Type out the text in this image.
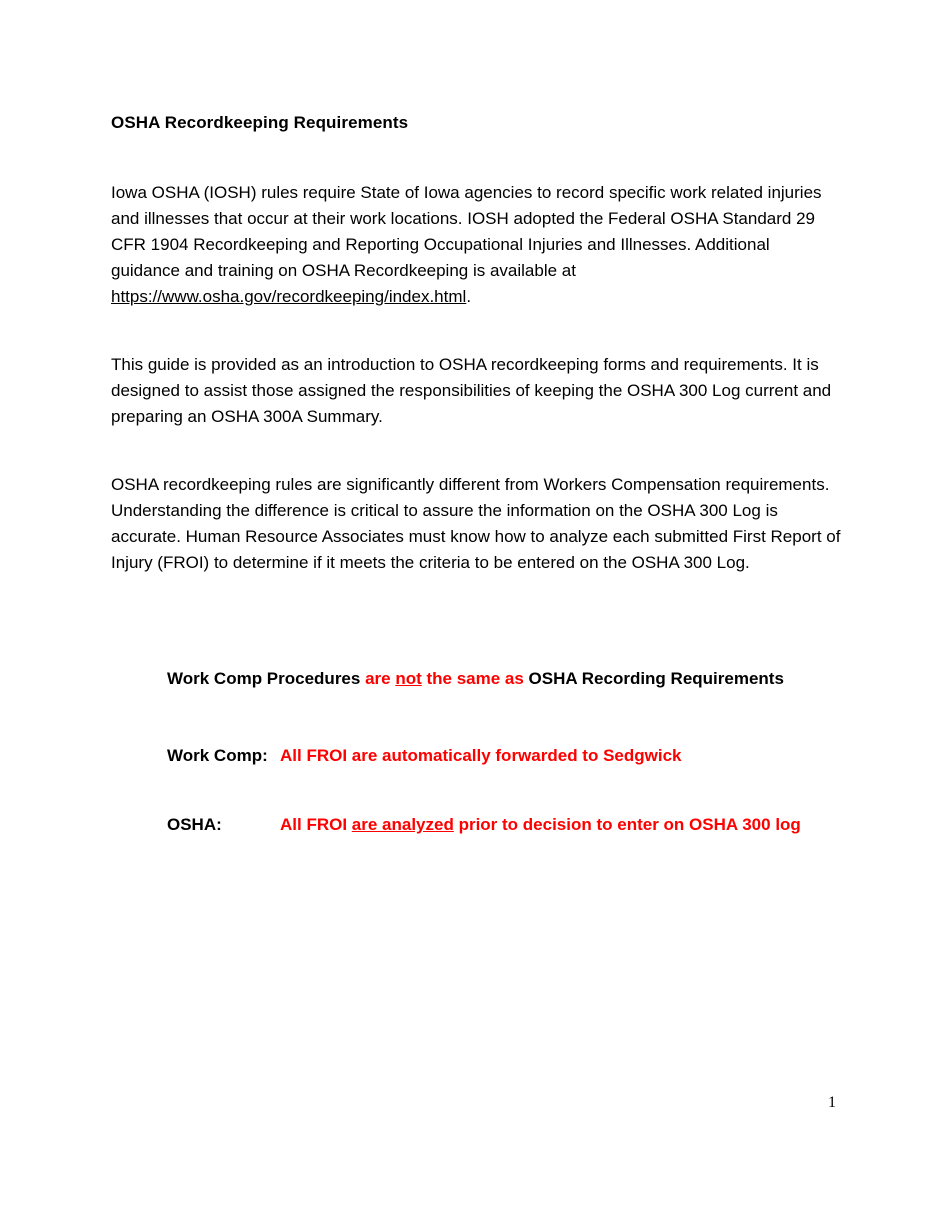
OSHA Recordkeeping Requirements

Iowa OSHA (IOSH) rules require State of Iowa agencies to record specific work related injuries and illnesses that occur at their work locations. IOSH adopted the Federal OSHA Standard 29 CFR 1904 Recordkeeping and Reporting Occupational Injuries and Illnesses. Additional guidance and training on OSHA Recordkeeping is available at https://www.osha.gov/recordkeeping/index.html.

This guide is provided as an introduction to OSHA recordkeeping forms and requirements. It is designed to assist those assigned the responsibilities of keeping the OSHA 300 Log current and preparing an OSHA 300A Summary.

OSHA recordkeeping rules are significantly different from Workers Compensation requirements. Understanding the difference is critical to assure the information on the OSHA 300 Log is accurate. Human Resource Associates must know how to analyze each submitted First Report of Injury (FROI) to determine if it meets the criteria to be entered on the OSHA 300 Log.

Work Comp Procedures are not the same as OSHA Recording Requirements

Work Comp: All FROI are automatically forwarded to Sedgwick

OSHA:	All FROI are analyzed prior to decision to enter on OSHA 300 log

1
